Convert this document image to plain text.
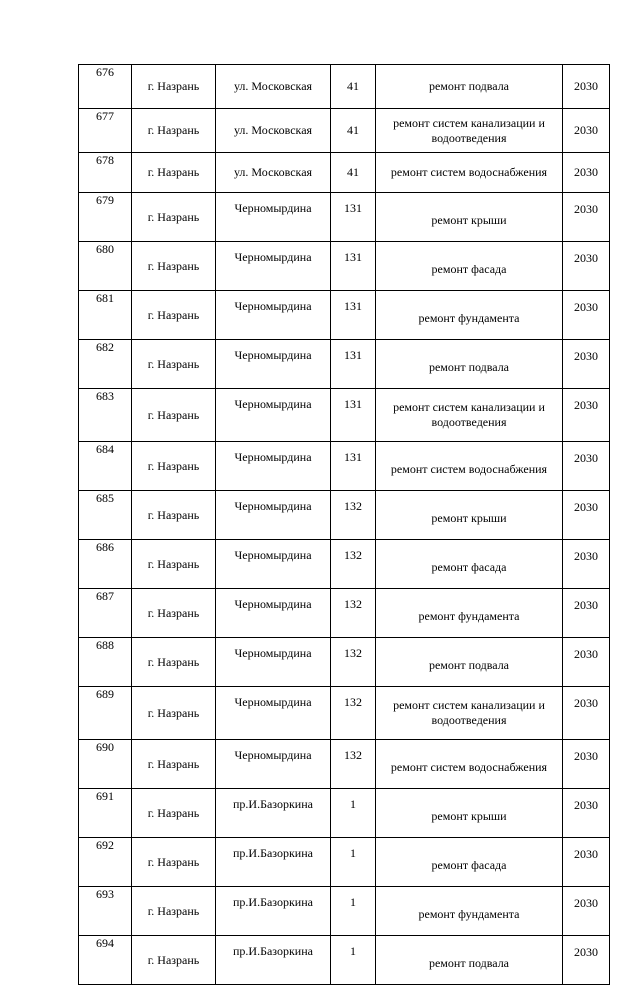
676	г. Назрань	ул. Московская	41	ремонт подвала	2030
677	г. Назрань	ул. Московская	41	ремонт систем канализации и водоотведения	2030
678	г. Назрань	ул. Московская	41	ремонт систем водоснабжения	2030
679	г. Назрань	Черномырдина	131	ремонт крыши	2030
680	г. Назрань	Черномырдина	131	ремонт фасада	2030
681	г. Назрань	Черномырдина	131	ремонт фундамента	2030
682	г. Назрань	Черномырдина	131	ремонт подвала	2030
683	г. Назрань	Черномырдина	131	ремонт систем канализации и водоотведения	2030
684	г. Назрань	Черномырдина	131	ремонт систем водоснабжения	2030
685	г. Назрань	Черномырдина	132	ремонт крыши	2030
686	г. Назрань	Черномырдина	132	ремонт фасада	2030
687	г. Назрань	Черномырдина	132	ремонт фундамента	2030
688	г. Назрань	Черномырдина	132	ремонт подвала	2030
689	г. Назрань	Черномырдина	132	ремонт систем канализации и водоотведения	2030
690	г. Назрань	Черномырдина	132	ремонт систем водоснабжения	2030
691	г. Назрань	пр.И.Базоркина	1	ремонт крыши	2030
692	г. Назрань	пр.И.Базоркина	1	ремонт фасада	2030
693	г. Назрань	пр.И.Базоркина	1	ремонт фундамента	2030
694	г. Назрань	пр.И.Базоркина	1	ремонт подвала	2030
